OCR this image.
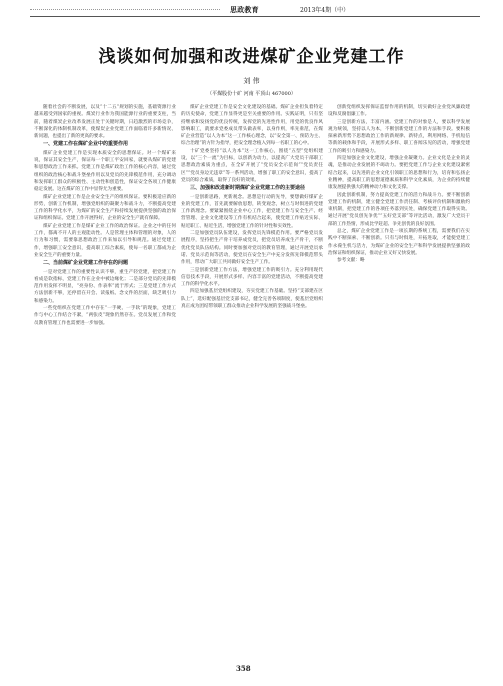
思政教育	2013年4期（中）
浅谈如何加强和改进煤矿企业党建工作
刘 伟
（平煤股份十矿 河南 平顶山 467000）

随着社会的不断发展，以及“十二五”规划的实施，基础资源行业越来越受到国家的重视。煤炭行业作为我国能源行业的重要支柱，当前，随着煤炭企业改革发展正处于关键时期，日趋激烈的市场竞争，不断深化的体制机制改革，使煤炭企业党建工作面临着许多新情况、新问题，也提出了新的更高的要求。

一、党建工作在煤矿企业中的重要作用

煤矿企业党建工作是实现本质安全的思想保证。对一个煤矿来说，保证其安全生产，保证每一个职工平安回家，就要从煤矿的党建和思想政治工作来抓。党建工作是煤矿政治工作的核心内容，通过党组织的政治核心和战斗堡垒作用以及党员的先锋模范作用，充分调动和发挥职工群众的积极性、主动性和创造性，保证安全各项工作健康稳定发展。这在煤矿的工作中显得尤为重要。

煤矿企业党建工作是企业安全生产的组织保证。要积极适应新的形势，创新工作机制，增强党组织的凝聚力和战斗力，不断提高党建工作的科学化水平，为煤矿的安全生产和持续发展提供坚强的政治保证和组织保证。党建工作开展得好，企业的安全生产就有保障。

煤矿企业党建工作是煤矿企业工作的政治保证。企业之中的任何工作，都离不开人的主观能动性。人是管理主体和管理的对象，人的行为和习惯，需要靠思想政治工作来加以引导和规范。通过党建工作，增强职工安全意识，提高职工综合素质，使每一名职工都成为企业安全生产的重要力量。

二、当前煤矿企业党建工作存在的问题

一是对党建工作的重要性认识不够，重生产轻党建，把党建工作看成是软指标，党建工作在企业中被边缘化；二是部分党员的先锋模范作用发挥不明显，“亮身份、作表率”流于形式；三是党建工作方式方法创新不够，还停留在开会、读报纸、念文件的层面，缺乏吸引力和感染力。

一些党组织在党建工作中存在“一手硬、一手软”的现象，党建工作与中心工作结合不紧，“两张皮”现象仍然存在。党员发展工作和党员教育管理工作也需要进一步加强。

煤矿企业党建工作是安全文化建设的基础。煤矿企业担负着特定的历史使命，党建工作显得更是至关重要的作用。实践证明，只有坚持继承和发扬党的优良传统，发挥党的先进性作用，用党的优良作风影响职工，就要求党委成员带头做表率，以身作则，率先垂范，在煤矿企业营造“以人为本”这一工作核心理念，以“安全第一、预防为主、综合治理”的方针为指导，把安全理念植入到每一名职工的心中。

十矿党委坚持“以人为本”这一工作核心，围绕“五型”党组织建设，以“三个一流”为目标，以创新为动力，以提高广大党员干部职工思想政治素质为重点，在全矿开展了“党员安全示范岗”“党员责任区”“党员身边无违章”等一系列活动，增强了职工的安全意识，提高了党员的综合素质，取得了良好的效果。

三、加强和改进新时期煤矿企业党建工作的主要途径

一是创新思路，更新观念。思想是行动的先导，要想做好煤矿企业的党建工作，首先就要解放思想，转变观念，树立与时俱进的党建工作新理念。要紧紧围绕企业中心工作，把党建工作与安全生产、经营管理、企业文化建设等工作有机结合起来，使党建工作贴近实际、贴近职工、贴近生活，增强党建工作的针对性和实效性。

二是加强党员队伍建设，发挥党员先锋模范作用。要严格党员发展程序，坚持把生产骨干培养成党员，把党员培养成生产骨干，不断优化党员队伍结构。同时要加强对党员的教育管理，通过开展党员承诺、党员示范岗等活动，使党员在安全生产中充分发挥先锋模范带头作用，带动广大职工共同做好安全生产工作。

三是创新党建工作方法，增强党建工作的吸引力。充分利用现代信息技术手段，开展形式多样、内容丰富的党建活动，不断提高党建工作的科学化水平。

四是加强基层党组织建设，夯实党建工作基础。坚持“支部建在区队上”，选好配强基层党支部书记，健全完善各项制度，使基层党组织真正成为团结带领职工群众推动企业科学发展的坚强战斗堡垒。

创新党组织发挥保证监督作用的机制，切实做好企业党风廉政建设和反腐倡廉工作。

三是创新方法，丰富内涵。党建工作的对象是人，要以科学发展观为统领，坚持以人为本，不断创新党建工作的方法和手段。要积极探索新形势下思想政治工作的新规律、新特点，利用网络、手机短信等新的载体和手段，开展形式多样、职工喜闻乐见的活动，增强党建工作的吸引力和感染力。

四是加强企业文化建设，增强企业凝聚力。企业文化是企业的灵魂，是推动企业发展的不竭动力。要把党建工作与企业文化建设紧密结合起来，以先进的企业文化引领职工的思想和行为，培育和弘扬企业精神，提高职工的思想道德素质和科学文化素质，为企业的持续健康发展提供强大的精神动力和文化支撑。

因此创新机制，努力提高党建工作的活力和战斗力。要不断创新党建工作的机制，建立健全党建工作责任制、考核评价机制和激励约束机制，把党建工作的各项任务落到实处，确保党建工作取得实效。通过开展“党员创先争优”“五好党支部”等评比活动，激发广大党员干部的工作热情，形成比学赶超、争先创优的良好氛围。

总之，煤矿企业党建工作是一项长期的系统工程，需要我们在实践中不断探索、不断创新。只有与时俱进，开拓进取，才能使党建工作永葆生机与活力，为煤矿企业的安全生产和科学发展提供坚强的政治保证和组织保证，推动企业又好又快发展。

参考文献：略

358
